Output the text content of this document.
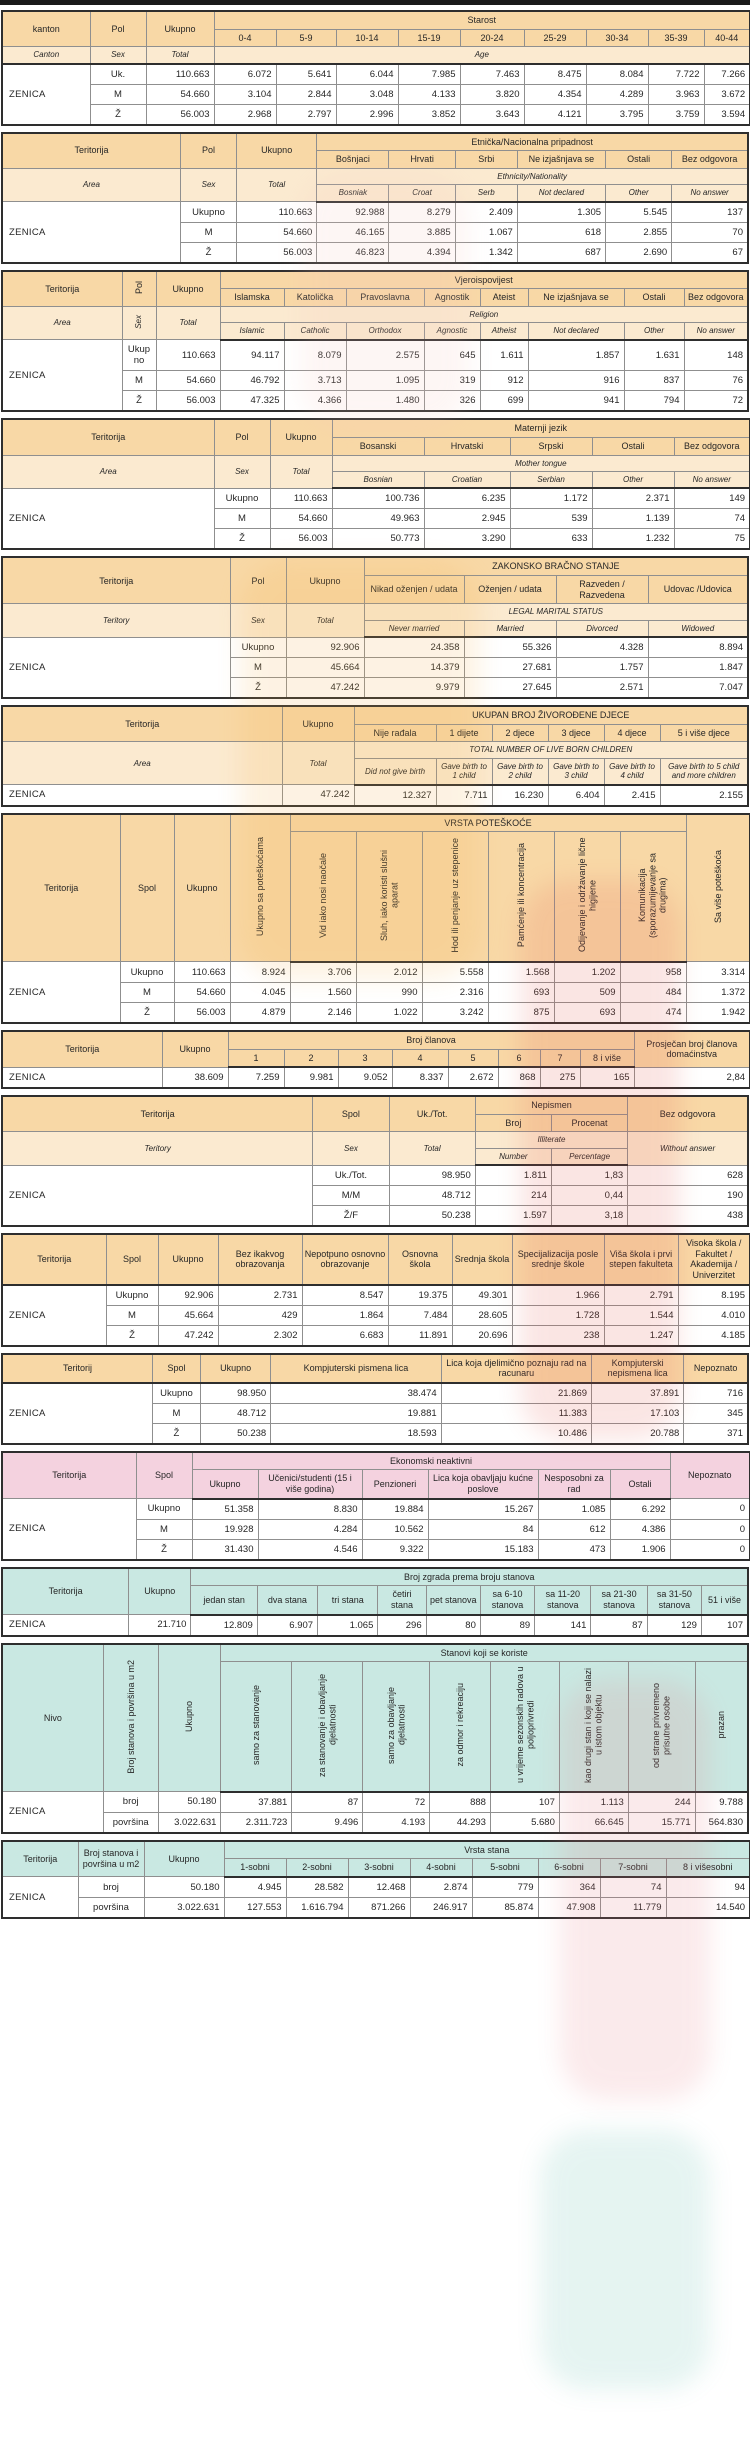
kanton	Pol	Ukupno	Starost								
			0-4	5-9	10-14	15-19	20-24	25-29	30-34	35-39	40-44
Canton	Sex	Total	Age								
ZENICA	Uk.	110.663	6.072	5.641	6.044	7.985	7.463	8.475	8.084	7.722	7.266
	M	54.660	3.104	2.844	3.048	4.133	3.820	4.354	4.289	3.963	3.672
	Ž	56.003	2.968	2.797	2.996	3.852	3.643	4.121	3.795	3.759	3.594
Teritorija	Pol	Ukupno	Etnička/Nacionalna pripadnost					
			Bošnjaci	Hrvati	Srbi	Ne izjašnjava se	Ostali	Bez odgovora
Area	Sex	Total	Ethnicity/Nationality					
			Bosniak	Croat	Serb	Not declared	Other	No answer
ZENICA	Ukupno	110.663	92.988	8.279	2.409	1.305	5.545	137
	M	54.660	46.165	3.885	1.067	618	2.855	70
	Ž	56.003	46.823	4.394	1.342	687	2.690	67
Teritorija	Pol	Ukupno	Vjeroispovijest							
			Islamska	Katolička	Pravoslavna	Agnostik	Ateist	Ne izjašnjava se	Ostali	Bez odgovora
Area	Sex	Total	Religion							
			Islamic	Catholic	Orthodox	Agnostic	Atheist	Not declared	Other	No answer
ZENICA	Ukupno	110.663	94.117	8.079	2.575	645	1.611	1.857	1.631	148
	M	54.660	46.792	3.713	1.095	319	912	916	837	76
	Ž	56.003	47.325	4.366	1.480	326	699	941	794	72
Teritorija	Pol	Ukupno	Maternji jezik				
			Bosanski	Hrvatski	Srpski	Ostali	Bez odgovora
Area	Sex	Total	Mother tongue				
			Bosnian	Croatian	Serbian	Other	No answer
ZENICA	Ukupno	110.663	100.736	6.235	1.172	2.371	149
	M	54.660	49.963	2.945	539	1.139	74
	Ž	56.003	50.773	3.290	633	1.232	75
Teritorija	Pol	Ukupno	ZAKONSKO BRAČNO STANJE			
			Nikad oženjen / udata	Oženjen / udata	Razveden / Razvedena	Udovac /Udovica
Teritory	Sex	Total	LEGAL MARITAL STATUS			
			Never married	Married	Divorced	Widowed
ZENICA	Ukupno	92.906	24.358	55.326	4.328	8.894
	M	45.664	14.379	27.681	1.757	1.847
	Ž	47.242	9.979	27.645	2.571	7.047
Teritorija	Ukupno	UKUPAN BROJ ŽIVOROĐENE DJECE					
		Nije rađala	1 dijete	2 djece	3 djece	4 djece	5 i više djece
Area	Total	TOTAL NUMBER OF LIVE BORN CHILDREN					
		Did not give birth	Gave birth to 1 child	Gave birth to 2 child	Gave birth to 3 child	Gave birth to 4 child	Gave birth to 5 child and more children
ZENICA	47.242	12.327	7.711	16.230	6.404	2.415	2.155
Teritorija	Spol	Ukupno	Ukupno sa poteškoćama	VRSTA POTEŠKOĆE						Sa više poteškoća
				Vid iako nosi naočale	Sluh, iako koristi slušni aparat	Hod ili penjanje uz stepenice	Pamćenje ili koncentracija	Odijevanje i održavanje lične higijene	Komunikacija (sporazumijevanje sa drugima)	
ZENICA	Ukupno	110.663	8.924	3.706	2.012	5.558	1.568	1.202	958	3.314
	M	54.660	4.045	1.560	990	2.316	693	509	484	1.372
	Ž	56.003	4.879	2.146	1.022	3.242	875	693	474	1.942
Teritorija	Ukupno	Broj članova								Prosječan broj članova domaćinstva
		1	2	3	4	5	6	7	8 i više	
ZENICA	38.609	7.259	9.981	9.052	8.337	2.672	868	275	165	2,84
Teritorija	Spol	Uk./Tot.	Nepismen		Bez odgovora
			Broj	Procenat	
Teritory	Sex	Total	Illiterate		Without answer
			Number	Percentage	
ZENICA	Uk./Tot.	98.950	1.811	1,83	628
	M/M	48.712	214	0,44	190
	Ž/F	50.238	1.597	3,18	438
Teritorija	Spol	Ukupno	Bez ikakvog obrazovanja	Nepotpuno osnovno obrazovanje	Osnovna škola	Srednja škola	Specijalizacija posle srednje škole	Viša škola i prvi stepen fakulteta	Visoka škola / Fakultet / Akademija / Univerzitet
ZENICA	Ukupno	92.906	2.731	8.547	19.375	49.301	1.966	2.791	8.195
	M	45.664	429	1.864	7.484	28.605	1.728	1.544	4.010
	Ž	47.242	2.302	6.683	11.891	20.696	238	1.247	4.185
Teritorij	Spol	Ukupno	Kompjuterski pismena lica	Lica koja djelimično poznaju rad na racunaru	Kompjuterski nepismena lica	Nepoznato
ZENICA	Ukupno	98.950	38.474	21.869	37.891	716
	M	48.712	19.881	11.383	17.103	345
	Ž	50.238	18.593	10.486	20.788	371
Teritorija	Spol	Ekonomski neaktivni						Nepoznato
		Ukupno	Učenici/studenti (15 i više godina)	Penzioneri	Lica koja obavljaju kućne poslove	Nesposobni za rad	Ostali	
ZENICA	Ukupno	51.358	8.830	19.884	15.267	1.085	6.292	0
	M	19.928	4.284	10.562	84	612	4.386	0
	Ž	31.430	4.546	9.322	15.183	473	1.906	0
Teritorija	Ukupno	Broj zgrada prema broju stanova									
		jedan stan	dva stana	tri stana	četiri stana	pet stanova	sa 6-10 stanova	sa 11-20 stanova	sa 21-30 stanova	sa 31-50 stanova	51 i više
ZENICA	21.710	12.809	6.907	1.065	296	80	89	141	87	129	107
Nivo	Broj stanova i površina u m2	Ukupno	Stanovi koji se koriste							
			samo za stanovanje	za stanovanje i obavljanje djelatnosti	samo za obavljanje djelatnosti	za odmor i rekreaciju	u vrijeme sezonskih radova u poljoprivredi	kao drugi stan i koji se nalazi u istom objektu	od strane privremeno prisutne osobe	prazan
ZENICA	broj	50.180	37.881	87	72	888	107	1.113	244	9.788
	površina	3.022.631	2.311.723	9.496	4.193	44.293	5.680	66.645	15.771	564.830
Teritorija	Broj stanova i površina u m2	Ukupno	Vrsta stana							
			1-sobni	2-sobni	3-sobni	4-sobni	5-sobni	6-sobni	7-sobni	8 i višesobni
ZENICA	broj	50.180	4.945	28.582	12.468	2.874	779	364	74	94
	površina	3.022.631	127.553	1.616.794	871.266	246.917	85.874	47.908	11.779	14.540
